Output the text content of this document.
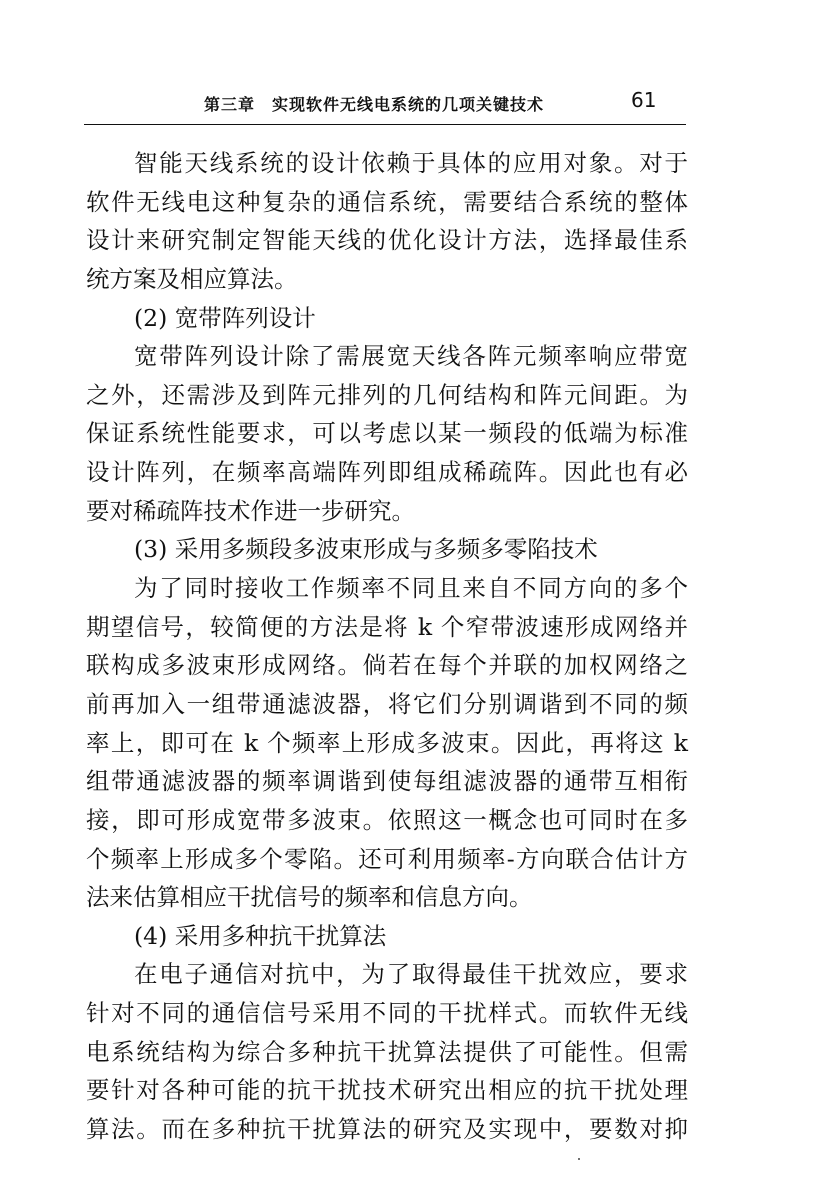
第三章　实现软件无线电系统的几项关键技术	61
智能天线系统的设计依赖于具体的应用对象。对于
软件无线电这种复杂的通信系统，需要结合系统的整体
设计来研究制定智能天线的优化设计方法，选择最佳系
统方案及相应算法。
(2) 宽带阵列设计
宽带阵列设计除了需展宽天线各阵元频率响应带宽
之外，还需涉及到阵元排列的几何结构和阵元间距。为
保证系统性能要求，可以考虑以某一频段的低端为标准
设计阵列，在频率高端阵列即组成稀疏阵。因此也有必
要对稀疏阵技术作进一步研究。
(3) 采用多频段多波束形成与多频多零陷技术
为了同时接收工作频率不同且来自不同方向的多个
期望信号，较简便的方法是将 k 个窄带波速形成网络并
联构成多波束形成网络。倘若在每个并联的加权网络之
前再加入一组带通滤波器，将它们分别调谐到不同的频
率上，即可在 k 个频率上形成多波束。因此，再将这 k
组带通滤波器的频率调谐到使每组滤波器的通带互相衔
接，即可形成宽带多波束。依照这一概念也可同时在多
个频率上形成多个零陷。还可利用频率-方向联合估计方
法来估算相应干扰信号的频率和信息方向。
(4) 采用多种抗干扰算法
在电子通信对抗中，为了取得最佳干扰效应，要求
针对不同的通信信号采用不同的干扰样式。而软件无线
电系统结构为综合多种抗干扰算法提供了可能性。但需
要针对各种可能的抗干扰技术研究出相应的抗干扰处理
算法。而在多种抗干扰算法的研究及实现中，要数对抑
